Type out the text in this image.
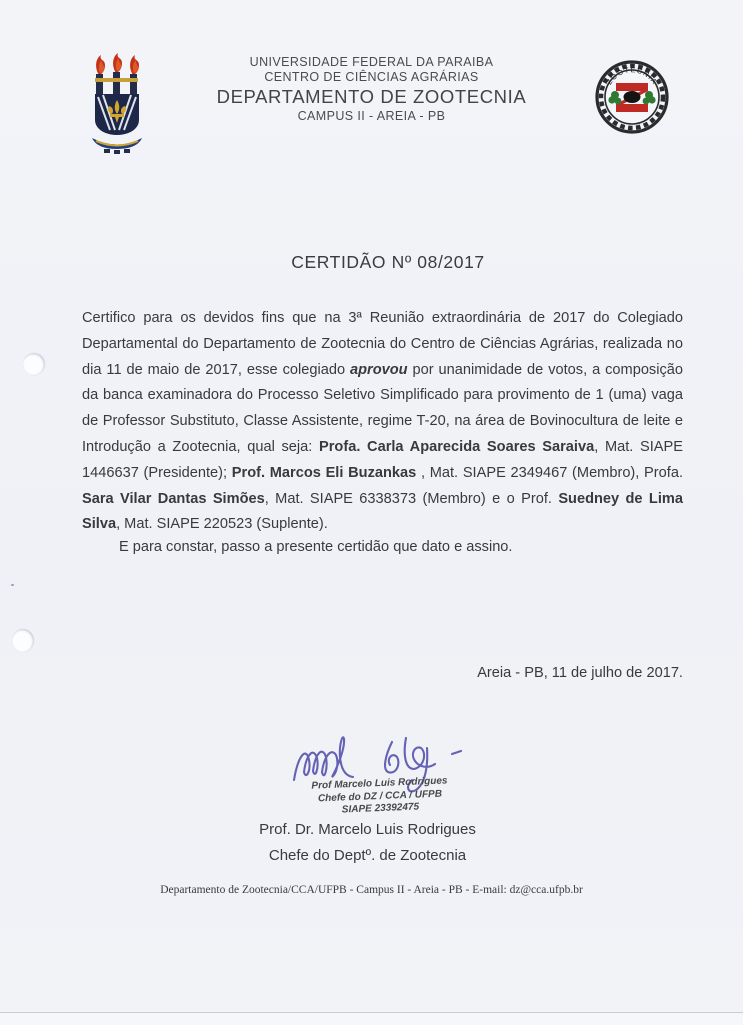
UNIVERSIDADE FEDERAL DA PARAIBA
CENTRO DE CIÊNCIAS AGRÁRIAS
DEPARTAMENTO DE ZOOTECNIA
CAMPUS II - AREIA - PB
ZOOTECNIA
CERTIDÃO Nº 08/2017
Certifico para os devidos fins que na 3ª Reunião extraordinária de 2017 do Colegiado Departamental do Departamento de Zootecnia do Centro de Ciências Agrárias, realizada no dia 11 de maio de 2017, esse colegiado aprovou por unanimidade de votos, a composição da banca examinadora do Processo Seletivo Simplificado para provimento de 1 (uma) vaga de Professor Substituto, Classe Assistente, regime T-20, na área de Bovinocultura de leite e Introdução a Zootecnia, qual seja: Profa. Carla Aparecida Soares Saraiva, Mat. SIAPE 1446637 (Presidente); Prof. Marcos Eli Buzankas , Mat. SIAPE 2349467 (Membro), Profa. Sara Vilar Dantas Simões, Mat. SIAPE 6338373 (Membro) e o Prof. Suedney de Lima Silva, Mat. SIAPE 220523 (Suplente).
E para constar, passo a presente certidão que dato e assino.
Areia - PB, 11 de julho de 2017.
Prof Marcelo Luis Rodrigues
Chefe do DZ / CCA / UFPB
SIAPE 23392475
Prof. Dr. Marcelo Luis Rodrigues
Chefe do Deptº. de Zootecnia
Departamento de Zootecnia/CCA/UFPB - Campus II - Areia - PB - E-mail: dz@cca.ufpb.br
